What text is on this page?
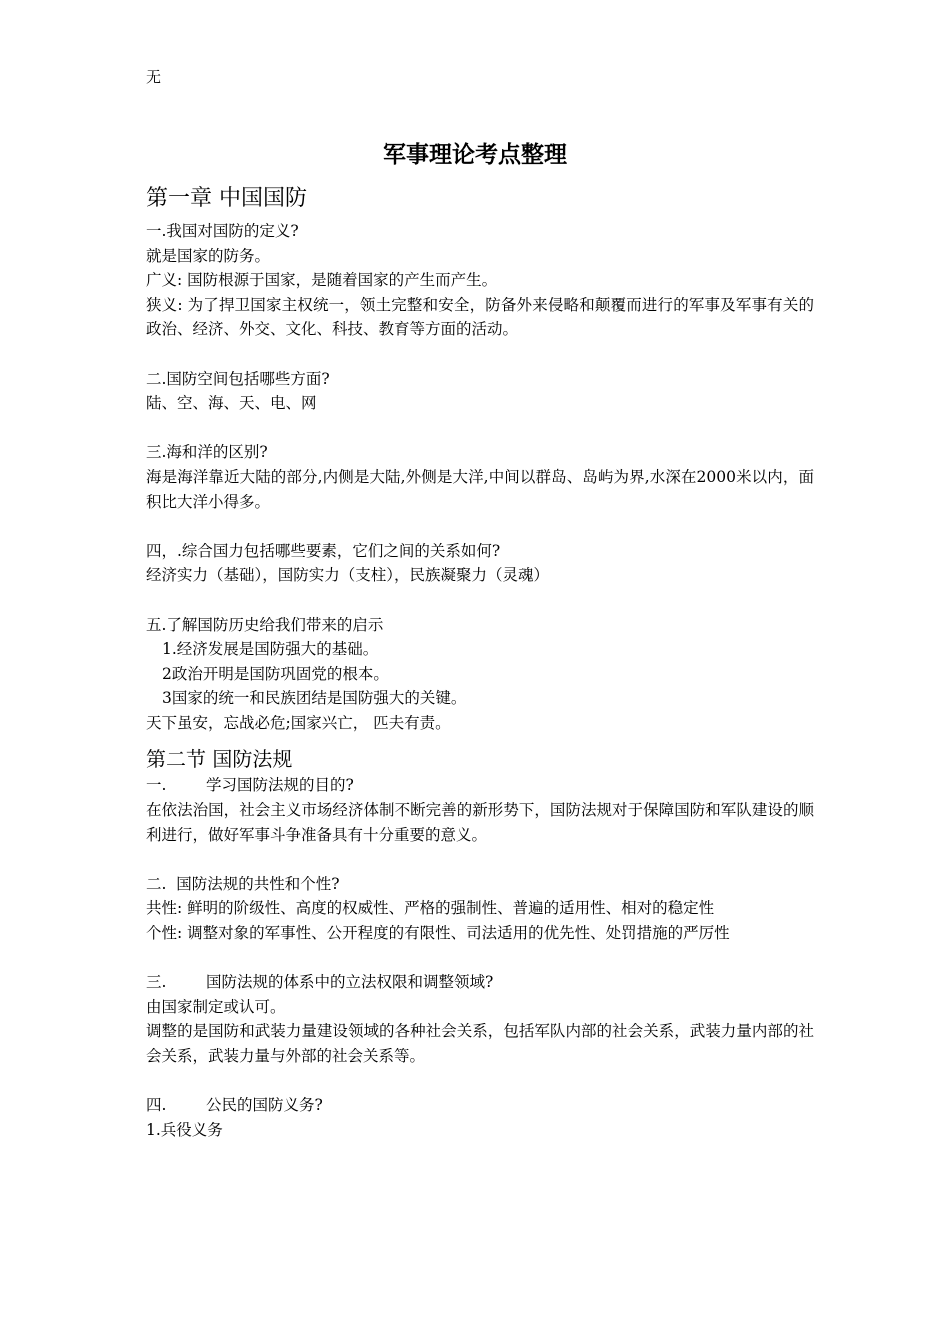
无
军事理论考点整理
第一章 中国国防

一.我国对国防的定义?

就是国家的防务。

广义: 国防根源于国家，是随着国家的产生而产生。

狭义: 为了捍卫国家主权统一，领土完整和安全，防备外来侵略和颠覆而进行的军事及军事有关的政治、经济、外交、文化、科技、教育等方面的活动。

二.国防空间包括哪些方面?

陆、空、海、天、电、网

三.海和洋的区别?

海是海洋靠近大陆的部分,内侧是大陆,外侧是大洋,中间以群岛、岛屿为界,水深在2000米以内，面积比大洋小得多。

四，.综合国力包括哪些要素，它们之间的关系如何?

经济实力（基础），国防实力（支柱），民族凝聚力（灵魂）

五.了解国防历史给我们带来的启示

1.经济发展是国防强大的基础。

2政治开明是国防巩固党的根本。

3国家的统一和民族团结是国防强大的关键。

天下虽安，忘战必危;国家兴亡， 匹夫有责。

第二节 国防法规

一.	学习国防法规的目的?

在依法治国，社会主义市场经济体制不断完善的新形势下，国防法规对于保障国防和军队建设的顺利进行，做好军事斗争准备具有十分重要的意义。

二.  国防法规的共性和个性?

共性: 鲜明的阶级性、高度的权威性、严格的强制性、普遍的适用性、相对的稳定性

个性: 调整对象的军事性、公开程度的有限性、司法适用的优先性、处罚措施的严厉性

三.	国防法规的体系中的立法权限和调整领域?

由国家制定或认可。

调整的是国防和武装力量建设领域的各种社会关系，包括军队内部的社会关系，武装力量内部的社会关系，武装力量与外部的社会关系等。

四.	公民的国防义务?

1.兵役义务
